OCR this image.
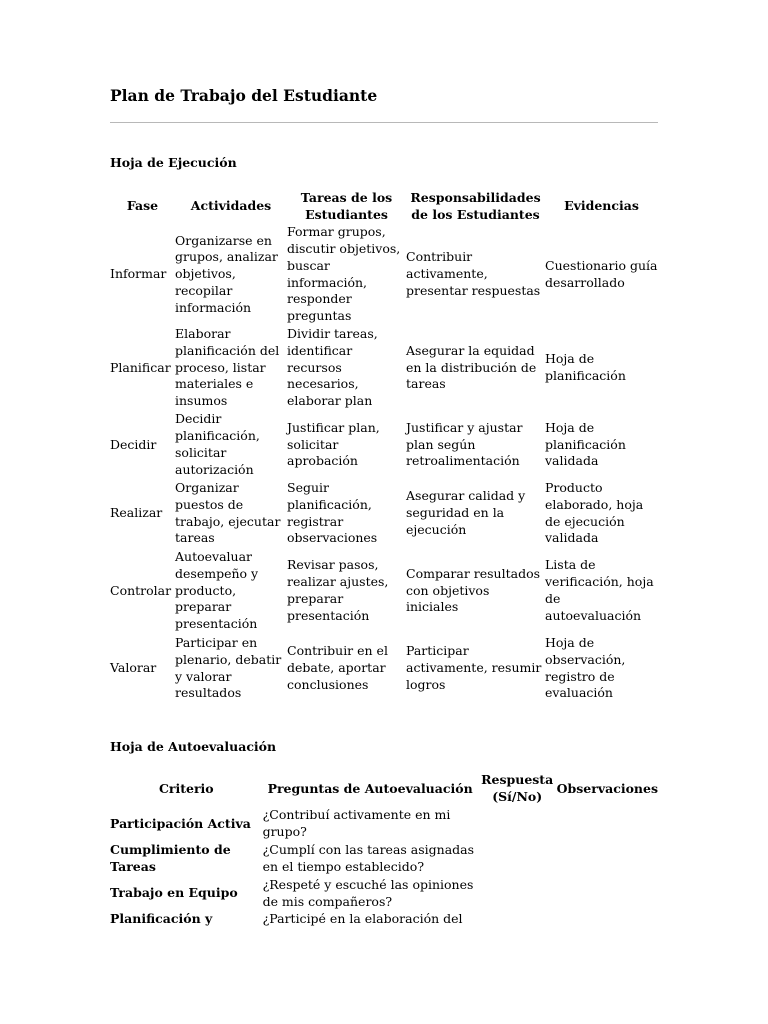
Plan de Trabajo del Estudiante
Hoja de Ejecución
Fase	Actividades	Tareas de los Estudiantes	Responsabilidades de los Estudiantes	Evidencias
Informar	Organizarse en grupos, analizar objetivos, recopilar información	Formar grupos, discutir objetivos, buscar información, responder preguntas	Contribuir activamente, presentar respuestas	Cuestionario guía desarrollado
Planificar	Elaborar planificación del proceso, listar materiales e insumos	Dividir tareas, identificar recursos necesarios, elaborar plan	Asegurar la equidad en la distribución de tareas	Hoja de planificación
Decidir	Decidir planificación, solicitar autorización	Justificar plan, solicitar aprobación	Justificar y ajustar plan según retroalimentación	Hoja de planificación validada
Realizar	Organizar puestos de trabajo, ejecutar tareas	Seguir planificación, registrar observaciones	Asegurar calidad y seguridad en la ejecución	Producto elaborado, hoja de ejecución validada
Controlar	Autoevaluar desempeño y producto, preparar presentación	Revisar pasos, realizar ajustes, preparar presentación	Comparar resultados con objetivos iniciales	Lista de verificación, hoja de autoevaluación
Valorar	Participar en plenario, debatir y valorar resultados	Contribuir en el debate, aportar conclusiones	Participar activamente, resumir logros	Hoja de observación, registro de evaluación
Hoja de Autoevaluación
Criterio	Preguntas de Autoevaluación	Respuesta (Sí/No)	Observaciones
Participación Activa	¿Contribuí activamente en mi grupo?		
Cumplimiento de Tareas	¿Cumplí con las tareas asignadas en el tiempo establecido?		
Trabajo en Equipo	¿Respeté y escuché las opiniones de mis compañeros?		
Planificación y	¿Participé en la elaboración del		
